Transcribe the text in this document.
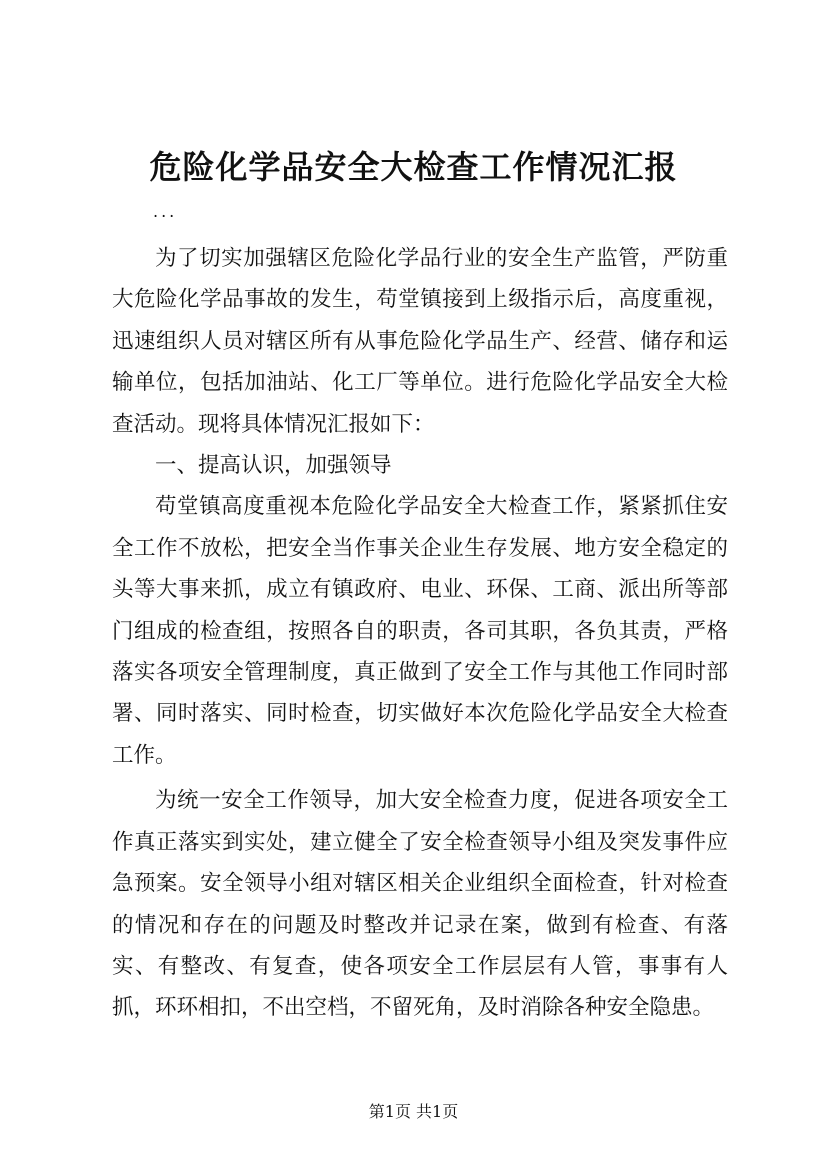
危险化学品安全大检查工作情况汇报
...

为了切实加强辖区危险化学品行业的安全生产监管，严防重大危险化学品事故的发生，苟堂镇接到上级指示后，高度重视，迅速组织人员对辖区所有从事危险化学品生产、经营、储存和运输单位，包括加油站、化工厂等单位。进行危险化学品安全大检查活动。现将具体情况汇报如下：

一、提高认识，加强领导

苟堂镇高度重视本危险化学品安全大检查工作，紧紧抓住安全工作不放松，把安全当作事关企业生存发展、地方安全稳定的头等大事来抓，成立有镇政府、电业、环保、工商、派出所等部门组成的检查组，按照各自的职责，各司其职，各负其责，严格落实各项安全管理制度，真正做到了安全工作与其他工作同时部署、同时落实、同时检查，切实做好本次危险化学品安全大检查工作。

为统一安全工作领导，加大安全检查力度，促进各项安全工作真正落实到实处，建立健全了安全检查领导小组及突发事件应急预案。安全领导小组对辖区相关企业组织全面检查，针对检查的情况和存在的问题及时整改并记录在案，做到有检查、有落实、有整改、有复查，使各项安全工作层层有人管，事事有人抓，环环相扣，不出空档，不留死角，及时消除各种安全隐患。

第1页 共1页
